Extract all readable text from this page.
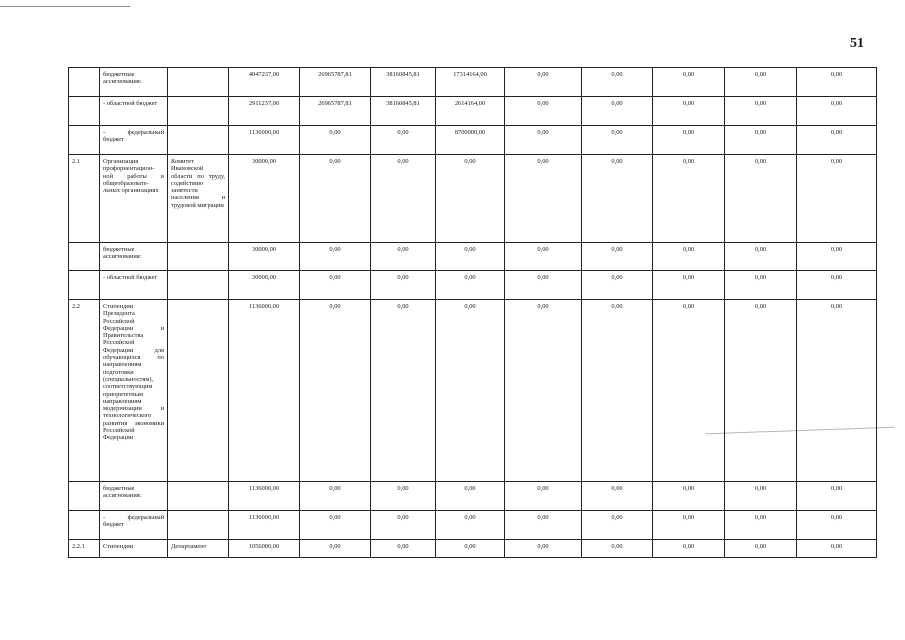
51
	бюджетные ассигнования:		4047237,00	26965787,81	38160845,81	17314164,00	0,00	0,00	0,00	0,00	0,00
	- областной бюджет		2911237,00	26965787,81	38160845,81	2614164,00	0,00	0,00	0,00	0,00	0,00
	- федеральный бюджет		1136000,00	0,00	0,00	8700000,00	0,00	0,00	0,00	0,00	0,00
2.1	Организация профориентацион-ной работы в общеобразовате-льных организациях	Комитет Ивановской области по труду, содействию занятости населения и трудовой миграции	30000,00	0,00	0,00	0,00	0,00	0,00	0,00	0,00	0,00
	бюджетные ассигнования:		30000,00	0,00	0,00	0,00	0,00	0,00	0,00	0,00	0,00
	- областной бюджет		30000,00	0,00	0,00	0,00	0,00	0,00	0,00	0,00	0,00
2.2	Стипендии Президента Российской Федерации и Правительства Российской Федерации для обучающихся по направлениям подготовки (специальностям), соответствующим приоритетным направлениям модернизации и технологического развития экономики Российской Федерации		1136000,00	0,00	0,00	0,00	0,00	0,00	0,00	0,00	0,00
	бюджетные ассигнования:		1136000,00	0,00	0,00	0,00	0,00	0,00	0,00	0,00	0,00
	- федеральный бюджет		1136000,00	0,00	0,00	0,00	0,00	0,00	0,00	0,00	0,00
2.2.1	Стипендии	Департамент	1056000,00	0,00	0,00	0,00	0,00	0,00	0,00	0,00	0,00
